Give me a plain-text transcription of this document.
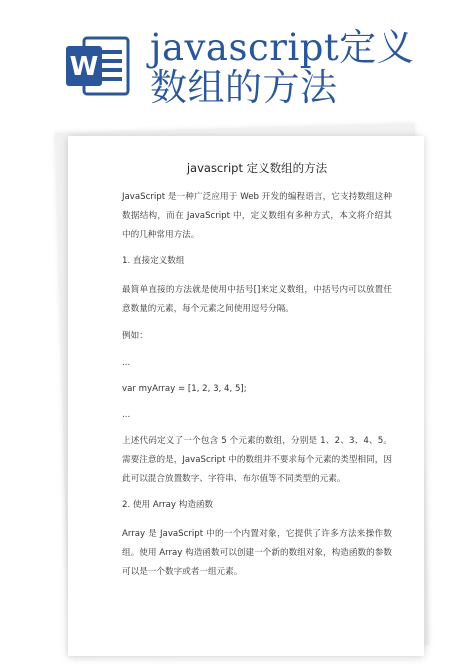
W javascript定义数组的方法
javascript 定义数组的方法

JavaScript 是一种广泛应用于 Web 开发的编程语言，它支持数组这种数据结构，而在 JavaScript 中，定义数组有多种方式，本文将介绍其中的几种常用方法。

1. 直接定义数组

最简单直接的方法就是使用中括号[]来定义数组，中括号内可以放置任意数量的元素，每个元素之间使用逗号分隔。

例如：

...
var myArray = [1, 2, 3, 4, 5];
...

上述代码定义了一个包含 5 个元素的数组，分别是 1、2、3、4、5。需要注意的是，JavaScript 中的数组并不要求每个元素的类型相同，因此可以混合放置数字、字符串、布尔值等不同类型的元素。

2. 使用 Array 构造函数

Array 是 JavaScript 中的一个内置对象，它提供了许多方法来操作数组。使用 Array 构造函数可以创建一个新的数组对象，构造函数的参数可以是一个数字或者一组元素。
